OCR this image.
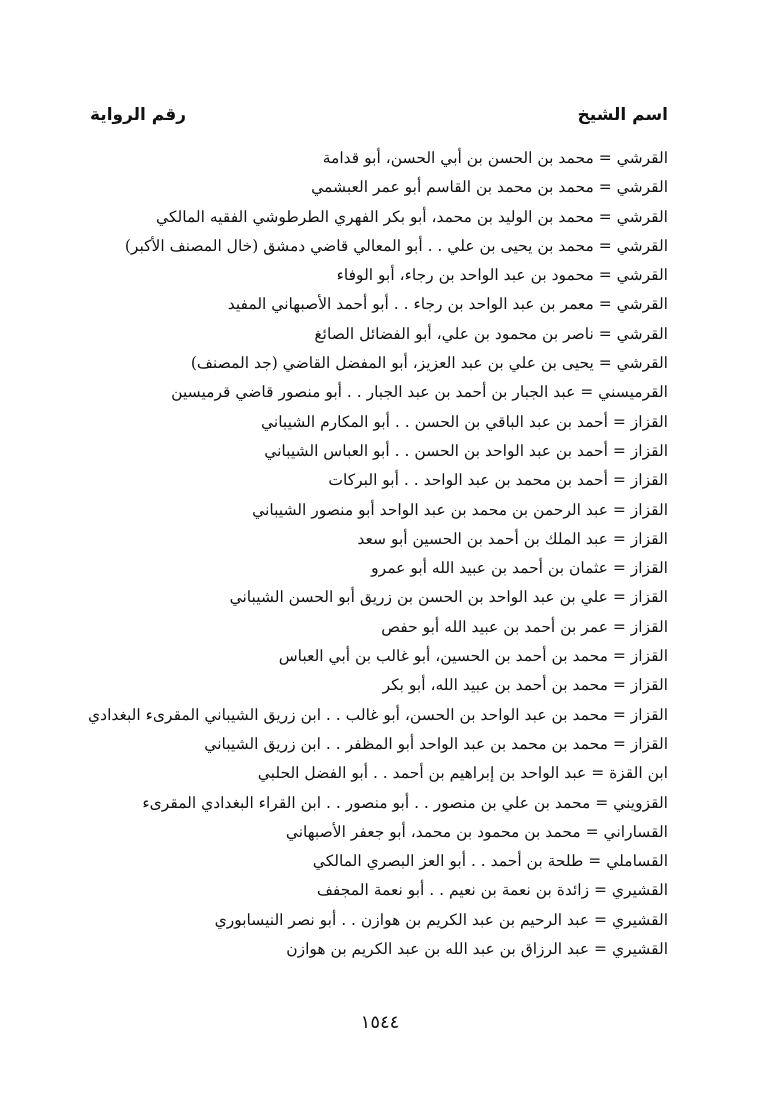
اسم الشيخ
رقم الرواية
القرشي = محمد بن الحسن بن أبي الحسن، أبو قدامة
القرشي = محمد بن محمد بن القاسم أبو عمر العبشمي
القرشي = محمد بن الوليد بن محمد، أبو بكر الفهري الطرطوشي الفقيه المالكي
القرشي = محمد بن يحيى بن علي . . أبو المعالي قاضي دمشق (خال المصنف الأكبر)
القرشي = محمود بن عبد الواحد بن رجاء، أبو الوفاء
القرشي = معمر بن عبد الواحد بن رجاء . . أبو أحمد الأصبهاني المفيد
القرشي = ناصر بن محمود بن علي، أبو الفضائل الصائغ
القرشي = يحيى بن علي بن عبد العزيز، أبو المفضل القاضي (جد المصنف)
القرميسني = عبد الجبار بن أحمد بن عبد الجبار . . أبو منصور قاضي قرميسين
القزاز = أحمد بن عبد الباقي بن الحسن . . أبو المكارم الشيباني
القزاز = أحمد بن عبد الواحد بن الحسن . . أبو العباس الشيباني
القزاز = أحمد بن محمد بن عبد الواحد . . أبو البركات
القزاز = عبد الرحمن بن محمد بن عبد الواحد أبو منصور الشيباني
القزاز = عبد الملك بن أحمد بن الحسين أبو سعد
القزاز = عثمان بن أحمد بن عبيد الله أبو عمرو
القزاز = علي بن عبد الواحد بن الحسن بن زريق أبو الحسن الشيباني
القزاز = عمر بن أحمد بن عبيد الله أبو حفص
القزاز = محمد بن أحمد بن الحسين، أبو غالب بن أبي العباس
القزاز = محمد بن أحمد بن عبيد الله، أبو بكر
القزاز = محمد بن عبد الواحد بن الحسن، أبو غالب . . ابن زريق الشيباني المقرىء البغدادي
القزاز = محمد بن محمد بن عبد الواحد أبو المظفر . . ابن زريق الشيباني
ابن القزة = عبد الواحد بن إبراهيم بن أحمد . . أبو الفضل الحلبي
القزويني = محمد بن علي بن منصور . . أبو منصور . . ابن القراء البغدادي المقرىء
القساراني = محمد بن محمود بن محمد، أبو جعفر الأصبهاني
القساملي = طلحة بن أحمد . . أبو العز البصري المالكي
القشيري = زائدة بن نعمة بن نعيم . . أبو نعمة المجفف
القشيري = عبد الرحيم بن عبد الكريم بن هوازن . . أبو نصر النيسابوري
القشيري = عبد الرزاق بن عبد الله بن عبد الكريم بن هوازن
١٥٤٤
